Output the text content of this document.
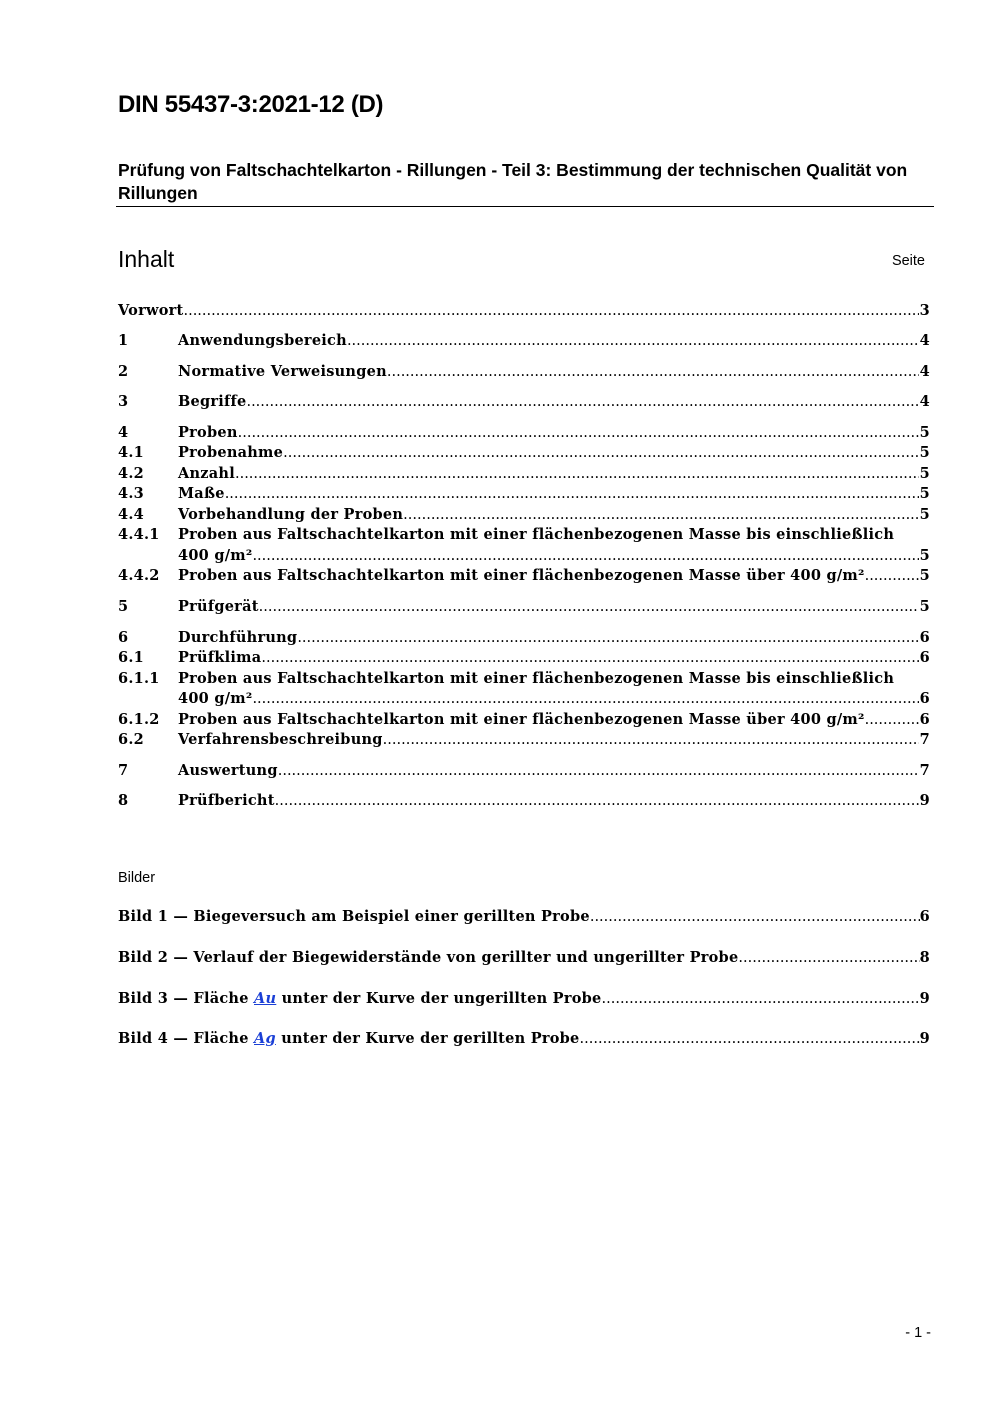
DIN 55437-3:2021-12 (D)
Prüfung von Faltschachtelkarton - Rillungen - Teil 3: Bestimmung der technischen Qualität von Rillungen
Inhalt	Seite
Vorwort .....	3
1	Anwendungsbereich .....	4
2	Normative Verweisungen .....	4
3	Begriffe .....	4
4	Proben .....	5
4.1	Probenahme .....	5
4.2	Anzahl .....	5
4.3	Maße .....	5
4.4	Vorbehandlung der Proben .....	5
4.4.1	Proben aus Faltschachtelkarton mit einer flächenbezogenen Masse bis einschließlich
400 g/m² .....	5
4.4.2	Proben aus Faltschachtelkarton mit einer flächenbezogenen Masse über 400 g/m² .....	5
5	Prüfgerät .....	5
6	Durchführung .....	6
6.1	Prüfklima .....	6
6.1.1	Proben aus Faltschachtelkarton mit einer flächenbezogenen Masse bis einschließlich
400 g/m² .....	6
6.1.2	Proben aus Faltschachtelkarton mit einer flächenbezogenen Masse über 400 g/m² .....	6
6.2	Verfahrensbeschreibung .....	7
7	Auswertung .....	7
8	Prüfbericht .....	9
Bilder
Bild 1 — Biegeversuch am Beispiel einer gerillten Probe .....	6
Bild 2 — Verlauf der Biegewiderstände von gerillter und ungerillter Probe .....	8
Bild 3 — Fläche Au unter der Kurve der ungerillten Probe .....	9
Bild 4 — Fläche Ag unter der Kurve der gerillten Probe .....	9
- 1 -
